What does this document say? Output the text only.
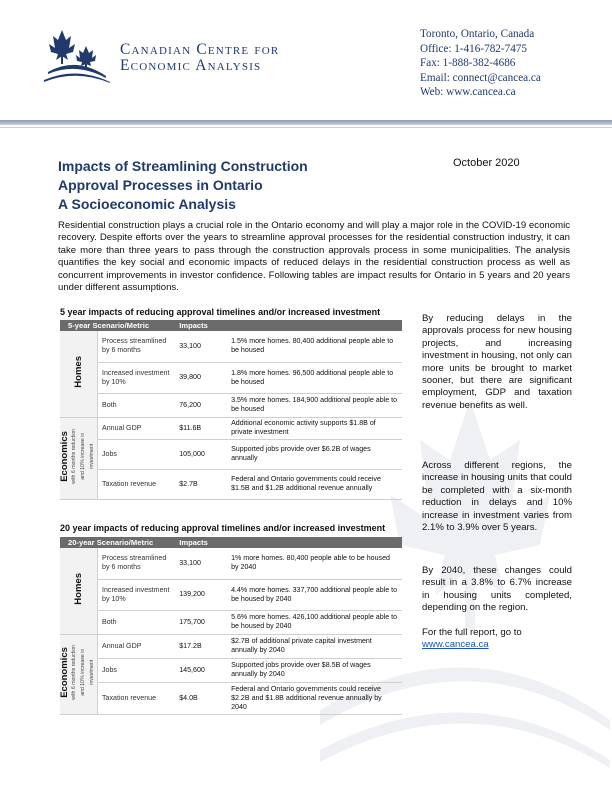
Canadian Centre for
Economic Analysis
Toronto, Ontario, Canada
Office: 1-416-782-7475
Fax: 1-888-382-4686
Email: connect@cancea.ca
Web: www.cancea.ca
Impacts of Streamlining Construction
Approval Processes in Ontario
A Socioeconomic Analysis
October 2020

Residential construction plays a crucial role in the Ontario economy and will play a major role in the COVID-19 economic recovery. Despite efforts over the years to streamline approval processes for the residential construction industry, it can take more than three years to pass through the construction approvals process in some municipalities. The analysis quantifies the key social and economic impacts of reduced delays in the residential construction process as well as concurrent improvements in investor confidence. Following tables are impact results for Ontario in 5 years and 20 years under different assumptions.

5 year impacts of reducing approval timelines and/or increased investment
5-year Scenario/Metric		Impacts	
Homes	Process streamlined by 6 months	33,100	1.5% more homes. 80,400 additional people able to be housed
	Increased investment by 10%	39,800	1.8% more homes. 96,500 additional people able to be housed
	Both	76,200	3.5% more homes. 184,900 additional people able to be housed
Economics
with 6 months reduction and 10% increase in investment	Annual GDP	$11.6B	Additional economic activity supports $1.8B of private investment
	Jobs	105,000	Supported jobs provide over $6.2B of wages annually
	Taxation revenue	$2.7B	Federal and Ontario governments could receive $1.5B and $1.2B additional revenue annually
20 year impacts of reducing approval timelines and/or increased investment
20-year Scenario/Metric		Impacts	
Homes	Process streamlined by 6 months	33,100	1% more homes. 80,400 people able to be housed by 2040
	Increased investment by 10%	139,200	4.4% more homes. 337,700 additional people able to be housed by 2040
	Both	175,700	5.6% more homes. 426,100 additional people able to be housed by 2040
Economics
with 6 months reduction and 10% increase in investment	Annual GDP	$17.2B	$2.7B of additional private capital investment annually by 2040
	Jobs	145,600	Supported jobs provide over $8.5B of wages annually by 2040
	Taxation revenue	$4.0B	Federal and Ontario governments could receive $2.2B and $1.8B additional revenue annually by 2040

By reducing delays in the approvals process for new housing projects, and increasing investment in housing, not only can more units be brought to market sooner, but there are significant employment, GDP and taxation revenue benefits as well.

Across different regions, the increase in housing units that could be completed with a six-month reduction in delays and 10% increase in investment varies from 2.1% to 3.9% over 5 years.

By 2040, these changes could result in a 3.8% to 6.7% increase in housing units completed, depending on the region.

For the full report, go to
www.cancea.ca
